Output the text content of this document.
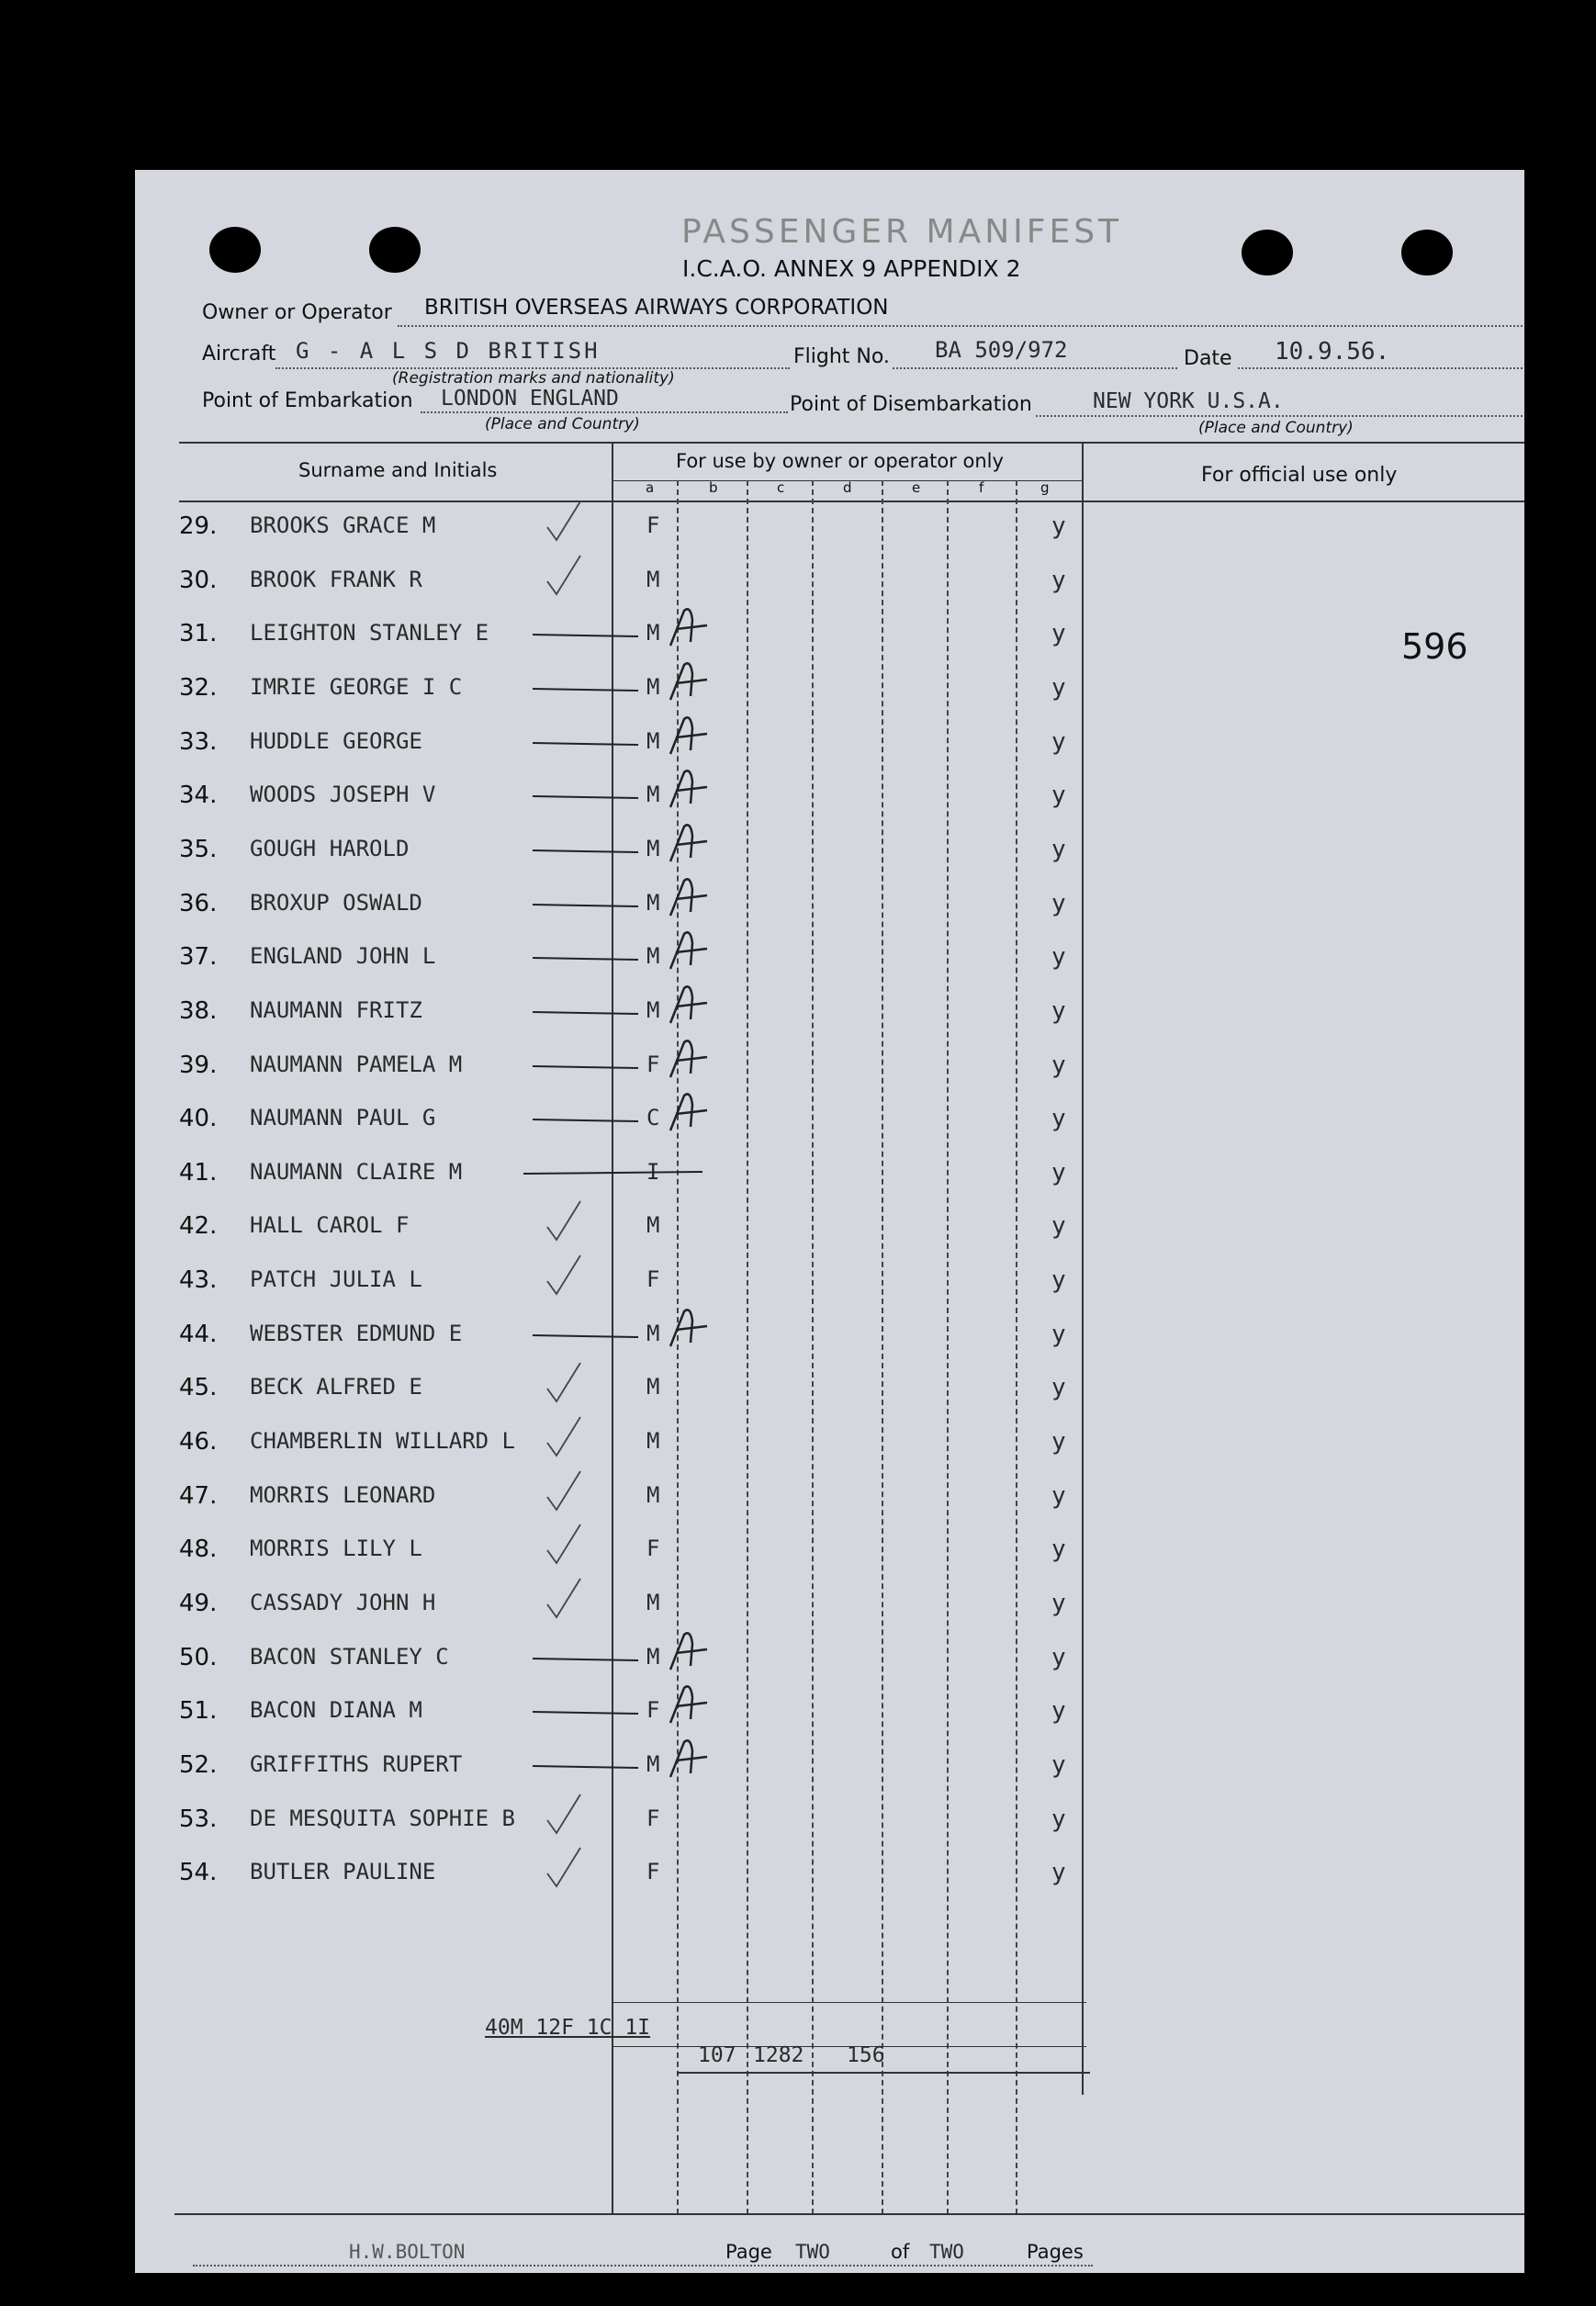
PASSENGER MANIFEST
I.C.A.O. ANNEX 9 APPENDIX 2
Owner or Operator BRITISH OVERSEAS AIRWAYS CORPORATION
Aircraft G - A L S D BRITISH
(Registration marks and nationality)
Flight No. BA 509/972	Date 10.9.56.
Point of Embarkation LONDON ENGLAND
(Place and Country)
Point of Disembarkation	NEW YORK U.S.A.
(Place and Country)
596
Surname and Initials	For use by owner or operator only
For official use only
a	b	c	d	e	f	g
29. BROOKS GRACE M	F	y
30. BROOK FRANK R	M	y
31. LEIGHTON STANLEY E	M	y
32. IMRIE GEORGE I C	M	y
33. HUDDLE GEORGE	M	y
34. WOODS JOSEPH V	M	y
35. GOUGH HAROLD	M	y
36. BROXUP OSWALD	M	y
37. ENGLAND JOHN L	M	y
38. NAUMANN FRITZ	M	y
39. NAUMANN PAMELA M	F	y
40. NAUMANN PAUL G	C	y
41. NAUMANN CLAIRE M	I	y
42. HALL CAROL F	M	y
43. PATCH JULIA L	F	y
44. WEBSTER EDMUND E	M	y
45. BECK ALFRED E	M	y
46. CHAMBERLIN WILLARD L	M	y
47. MORRIS LEONARD	M	y
48. MORRIS LILY L	F	y
49. CASSADY JOHN H	M	y
50. BACON STANLEY C	M	y
51. BACON DIANA M	F	y
52. GRIFFITHS RUPERT	M	y
53. DE MESQUITA SOPHIE B	F	y
54. BUTLER PAULINE	F	y
40M 12F 1C 1I
107 1282 156
H.W.BOLTON	Page TWO	of TWO	Pages
